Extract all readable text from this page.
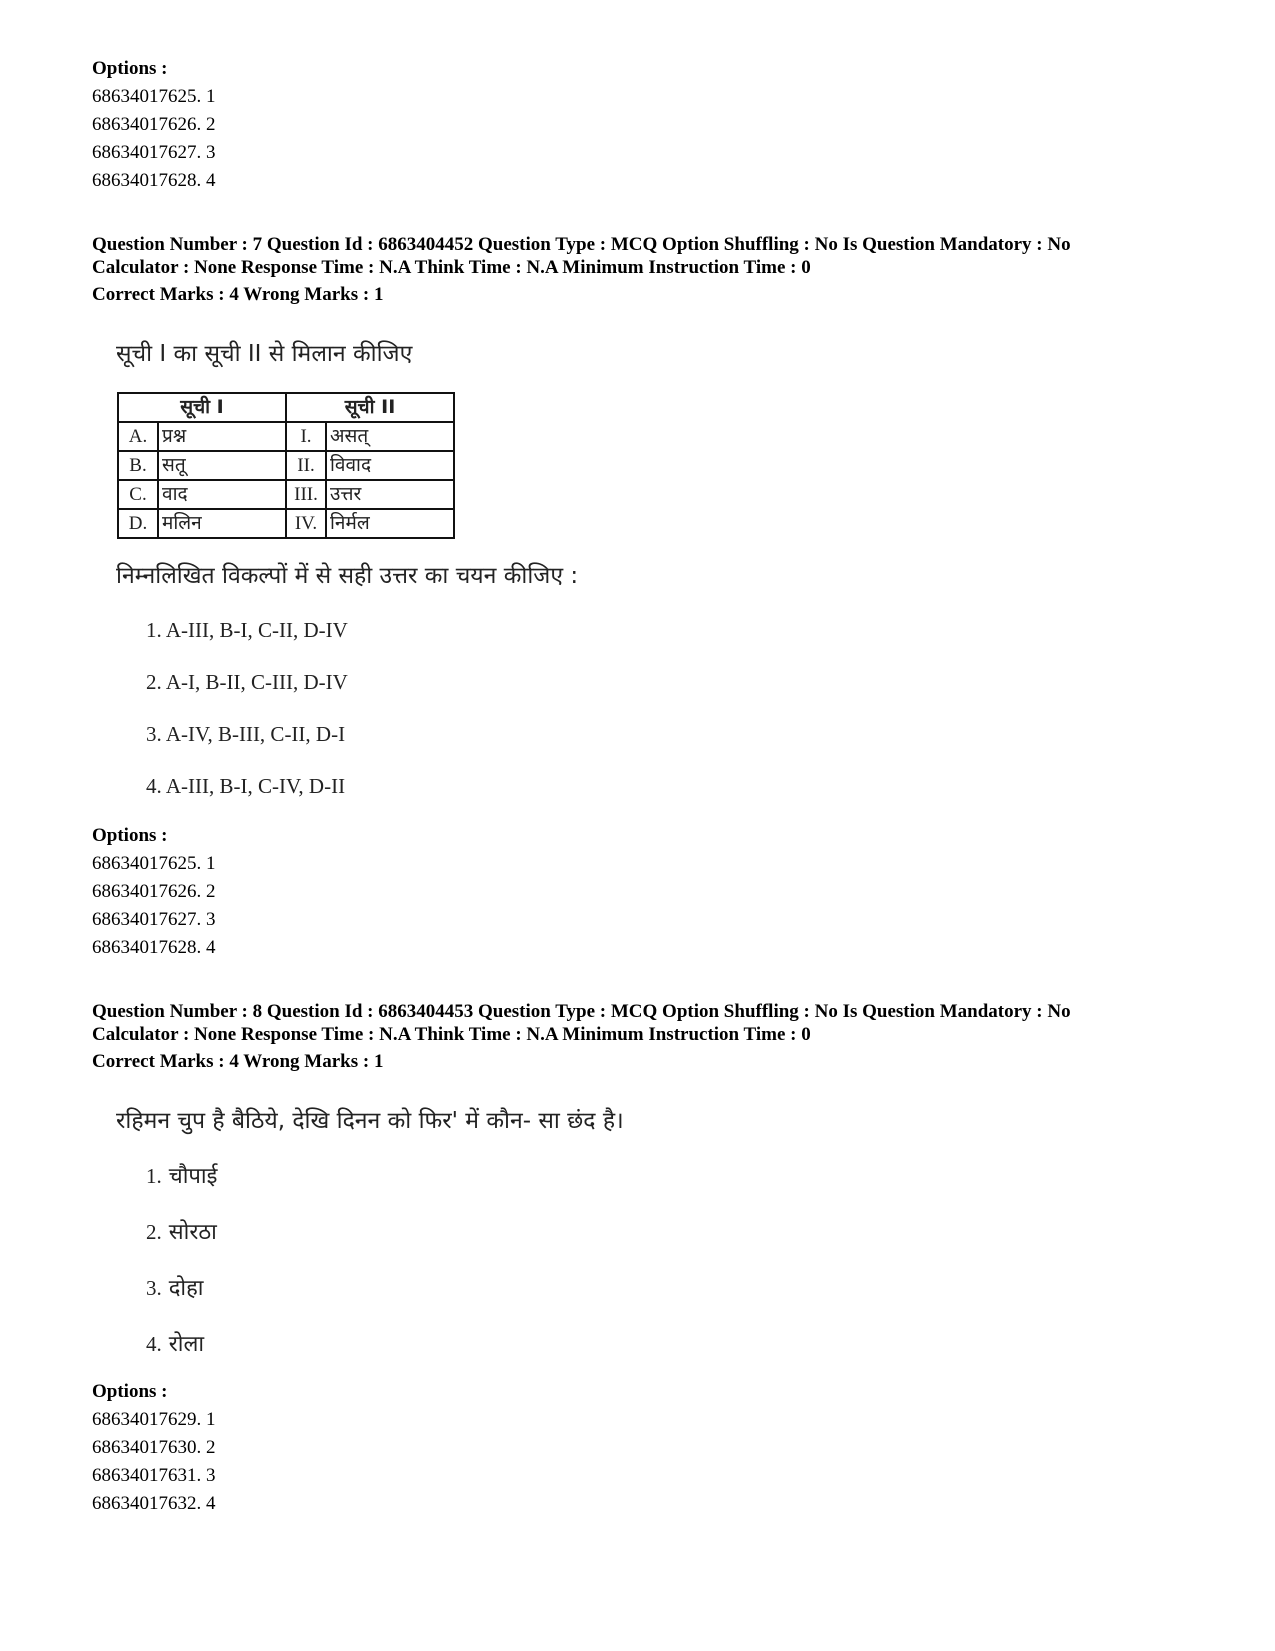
Options :
68634017625. 1
68634017626. 2
68634017627. 3
68634017628. 4
Question Number : 7 Question Id : 6863404452 Question Type : MCQ Option Shuffling : No Is Question Mandatory : No
Calculator : None Response Time : N.A Think Time : N.A Minimum Instruction Time : 0
Correct Marks : 4 Wrong Marks : 1
सूची I का सूची II से मिलान कीजिए
सूची I		सूची II	
A.	प्रश्न	I.	असत्
B.	सतू	II.	विवाद
C.	वाद	III.	उत्तर
D.	मलिन	IV.	निर्मल
निम्नलिखित विकल्पों में से सही उत्तर का चयन कीजिए :
1. A-III, B-I, C-II, D-IV
2. A-I, B-II, C-III, D-IV
3. A-IV, B-III, C-II, D-I
4. A-III, B-I, C-IV, D-II
Options :
68634017625. 1
68634017626. 2
68634017627. 3
68634017628. 4
Question Number : 8 Question Id : 6863404453 Question Type : MCQ Option Shuffling : No Is Question Mandatory : No
Calculator : None Response Time : N.A Think Time : N.A Minimum Instruction Time : 0
Correct Marks : 4 Wrong Marks : 1
रहिमन चुप है बैठिये, देखि दिनन को फिर' में कौन- सा छंद है।
1. चौपाई
2. सोरठा
3. दोहा
4. रोला
Options :
68634017629. 1
68634017630. 2
68634017631. 3
68634017632. 4
